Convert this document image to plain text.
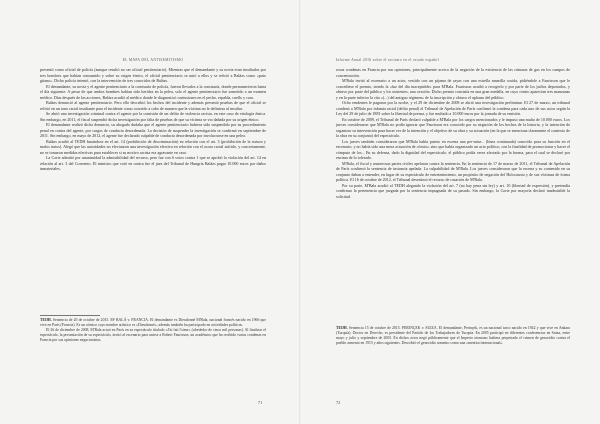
EL MAPA DEL ANTISEMITISMO

presentó como oficial de policía (aunque resultó no ser oficial penitenciario). Mientras que el demandante y su novia eran insultados por tres hombres que habían consumido y sobre su origen étnico, el oficial penitenciario se unió a ellos y se refirió a Balázs como «puto gitano». Dicho policía intentó, con la intervención de tres conocidos de Balázs.

El demandante, su novia y el agente penitenciario a la comisaría de policía, fueron llevados a la comisaría, donde permanecieron hasta el día siguiente. A pesar de que ambos hombres habían sido heridos en la pelea, solo el agente penitenciario fue sometido a un examen médico. Días después de las acciones, Balázs acudió al médico donde le diagnosticó contusiones en el pecho, espalda, cuello y cara.

Balázs denunció al agente penitenciario. Pero ello describió los hechos del incidente y además presentó pruebas de que el oficial se refirió en un tono racial insultante para el incidente como ocurrido a cabo de manera que la víctima no le definiera al insultar.

Se abrió una investigación criminal contra el agente por la comisión de un delito de violencia racista, en este caso de etiología étnica. Sin embargo, en 2011, el fiscal suspendió dicha investigación por falta de pruebas de que su víctima se vio dañada por su origen étnico.

El demandante realizó dicha denuncia, su abogado dudaba que el agente penitenciario hubiera sido suspendido por su procedimiento penal en contra del agente, por cargos de conducta desordenada. La decisión de suspender la investigación se confirmó en septiembre de 2011. Sin embargo, en mayo de 2012, el agente fue declarado culpable de conducta desordenada por involucrarse en una pelea.

Balázs acudió al TEDH basándose en el art. 14 (prohibición de discriminación) en relación con el art. 3 (prohibición de la tortura y malos tratos). Alegó que las autoridades no efectuaron una investigación efectiva en relación con el acoso racial sufrido, y concretamente, no se tomaron medidas efectivas para establecer si su motivo racista era agravante en caso.

La Corte admitió por unanimidad la admisibilidad del recurso, pero fue con 6 votos contra 1 que se aprobó la violación del art. 14 en relación al art. 3 del Convenio. El ministro que votó en contra fue el juez del Tribunal de Hungría Balázs pagar 10.000 euros por daños inmateriales.

TEDH. Sentencia de 20 de octubre de 2015. Mª BALÁ v. FRANCIA. El demandante es Dieudonné M'Bala, nacional francés nacido en 1966 que vive en París (Francia). Es un cómico cuyo nombre artístico es «Dieudonné», además también ha participado en actividades políticas.

El 26 de diciembre de 2008, M'Bala actuó en París en su espectáculo titulado «J'ai fait l'sieur» (alrededor de cinco mil personas). Al finalizar el espectáculo, la presentación de su espectáculo, invitó al escenario para unirse a Robert Faurisson, un académico que ha recibido varias condenas en Francia por sus opiniones negacionistas.

71
Informe Anual 2016 sobre el racismo en el estado español

rosas condenas en Francia por sus opiniones, principalmente acerca de la negación de la existencia de las cámaras de gas en los campos de concentración.

M'Bala invitó al escenario a un actor, vestido con un pijama de rayas con una estrella amarilla cosida, pidiéndole a Faurisson que le concediese el premio, siendo la «luz del día inaceptable» para M'Bala. Faurisson acudió a recogerlo y por parte de los judíos deportados, y obtuvo por parte del público y los asistentes, una ovación. Dicho premio consistía en una gran medalla, en cuyo centro aparecían tres manzanas y en la parte inferior la cita «(...) del antiguo régimen» de la inscripción y obtuvo el aplauso del público.

Ocho rendentes le pagaron por la noche, y el 29 de diciembre de 2008 se abrió una investigación preliminar. El 27 de marzo, un tribunal condenó a M'Bala por infamia racial (delito penal) el Tribunal de Apelación de París confirmó la condena para cada uno de sus actos según la Ley del 29 de julio de 1881 sobre la libertad de prensa, y fue multado a 10.000 euros por la jornada de su emisión.

En octubre de 2009, el Tribunal de París declaró culpable a M'Bala por los cargos mencionados y le impuso una multa de 10.000 euros. Los jueces consideraron que M'Bala no podía ignorar que Faurisson era conocido por su negación de los hechos de la historia, y la intención de organizar su intervención para hacer ver de la intención y el objetivo de su obra y su actuación (en la que se menciona claramente el contexto de la obra en su conjunto) del espectáculo.

Los jueces también consideraron que M'Bala había puesto en escena una pre-mise... (línea continuada) conocido para su función en el escenario; y no había sido una mera actuación de cómico, sino que había organizado un acto político, con la finalidad de promocionar y hacer el cómputo de los... En su defensa, dado la dignidad del espectáculo, el público podía verse afectado por la broma, para el cual se declaró por encima de lo tolerado.

M'Bala, el fiscal y numerosas partes civiles apelaron contra la sentencia. En la sentencia de 17 de marzo de 2011, el Tribunal de Apelación de París confirmó la sentencia de instancia apelada. La culpabilidad de M'Bala. Los jueces consideraron que la escena y su contenido en su conjunto daban a entender, en lugar de su espectáculo de entretenimiento, un propósito de negación del Holocausto y de sus víctimas de forma política. El 16 de octubre de 2012, el Tribunal desestimó el recurso de casación de M'Bala.

Por su parte, M'Bala acudió al TEDH alegando la violación del art. 7 (no hay pena sin ley) y art. 10 (libertad de expresión), y pretendía confirmar la pertenencia que juzgada por la sentencia impugnada de su pasado. Sin embargo, la Corte por mayoría declaró inadmisible la solicitud.

TEDH. Sentencia 15 de octubre de 2015. PERINÇEK v. SUIZA. El demandante, Perinçek, es un nacional turco nacido en 1942 y que vive en Ankara (Turquía). Doctor en Derecho, es presidente del Partido de los Trabajadores de Turquía. En 2005 participó en diferentes conferencias en Suiza, entre mayo y julio y septiembre de 2005. En dichos actos negó públicamente que el Imperio otomano hubiera perpetrado el crimen de genocidio contra el pueblo armenio en 1915 y años siguientes. Describió el genocidio armenio como una «mentira internacional».

72
